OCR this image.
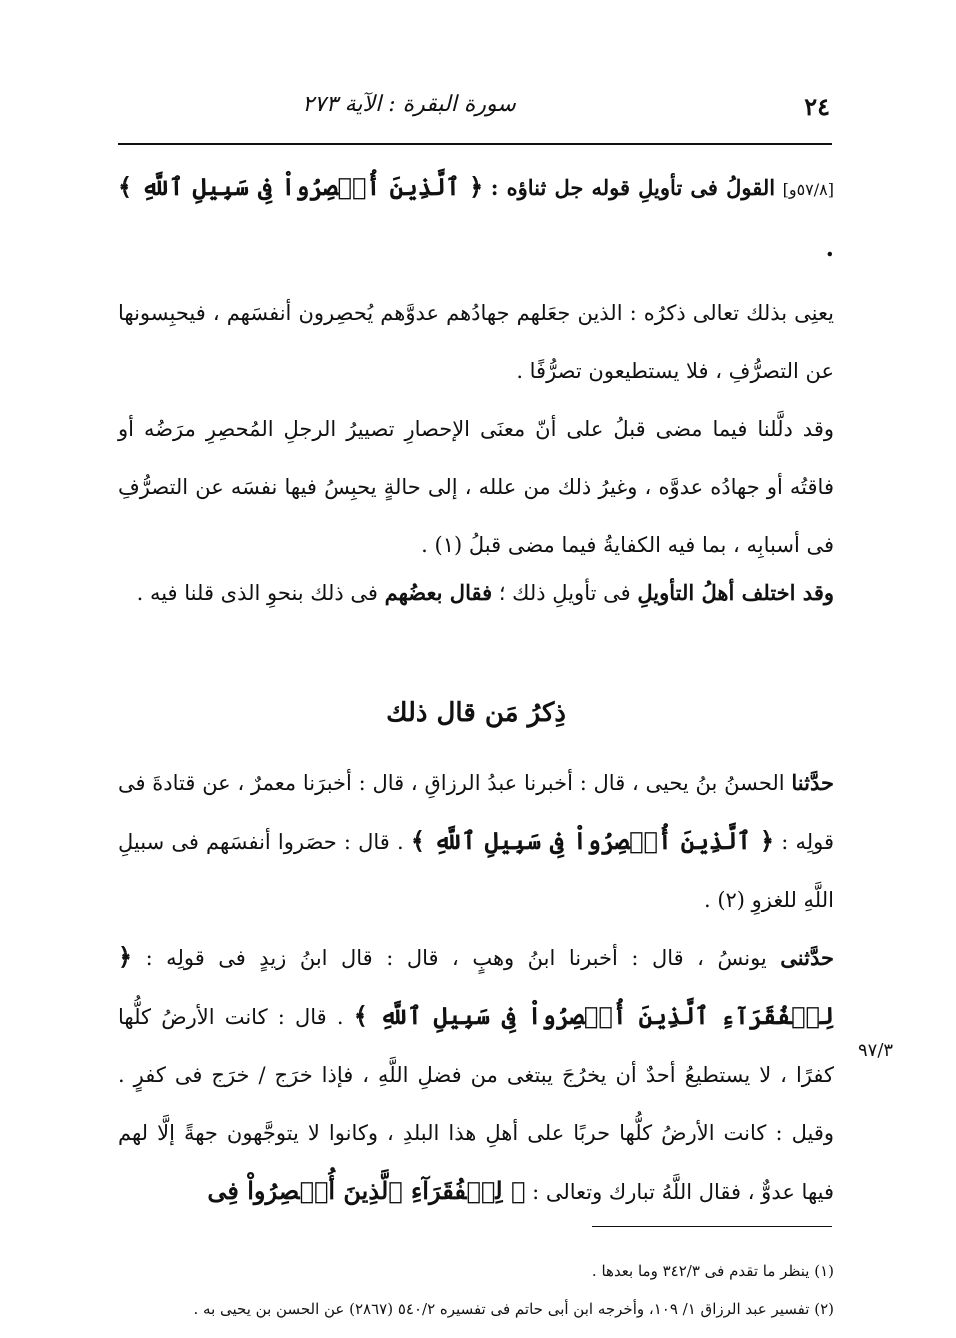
سورة البقرة : الآية ٢٧٣	٢٤

[٥٧/٨و] القولُ فى تأويلِ قوله جل ثناؤه : ﴿ ٱلَّذِينَ أُحۡصِرُواْ فِى سَبِيلِ ٱللَّهِ ﴾ .

يعنِى بذلك تعالى ذكرُه : الذين جعَلهم جهادُهم عدوَّهم يُحصِرون أنفسَهم ، فيحبِسونها عن التصرُّفِ ، فلا يستطيعون تصرُّفًا .

وقد دلَّلنا فيما مضى قبلُ على أنّ معنَى الإحصارِ تصييرُ الرجلِ المُحصِرِ مرَضُه أو فاقتُه أو جهادُه عدوَّه ، وغيرُ ذلك من علله ، إلى حالةٍ يحبِسُ فيها نفسَه عن التصرُّفِ فى أسبابِه ، بما فيه الكفايةُ فيما مضى قبلُ (١) .

وقد اختلف أهلُ التأويلِ فى تأويلِ ذلك ؛ فقال بعضُهم فى ذلك بنحوِ الذى قلنا فيه .

ذِكرُ مَن قال ذلك

حدَّثنا الحسنُ بنُ يحيى ، قال : أخبرنا عبدُ الرزاقِ ، قال : أخبرَنا معمرٌ ، عن قتادةَ فى قولِه : ﴿ ٱلَّذِينَ أُحۡصِرُواْ فِى سَبِيلِ ٱللَّهِ ﴾ . قال : حصَروا أنفسَهم فى سبيلِ اللَّهِ للغزوِ (٢) .

حدَّثنى يونسُ ، قال : أخبرنا ابنُ وهبٍ ، قال : قال ابنُ زيدٍ فى قولِه : ﴿ لِلۡفُقَرَآءِ ٱلَّذِينَ أُحۡصِرُواْ فِى سَبِيلِ ٱللَّهِ ﴾ . قال : كانت الأرضُ كلُّها كفرًا ، لا يستطيعُ أحدٌ أن يخرُجَ يبتغى من فضلِ اللَّهِ ، فإذا خرَج / خرَج فى كفرٍ . وقيل : كانت الأرضُ كلُّها حربًا على أهلِ هذا البلدِ ، وكانوا لا يتوجَّهون جهةً إلَّا لهم فيها عدوٌّ ، فقال اللَّهُ تبارك وتعالى : ﴿ لِلۡفُقَرَآءِ ٱلَّذِينَ أُحۡصِرُواْ فِى

٩٧/٣

(١) ينظر ما تقدم فى ٣٤٢/٣ وما بعدها .

(٢) تفسير عبد الرزاق ١/ ١٠٩، وأخرجه ابن أبى حاتم فى تفسيره ٥٤٠/٢ (٢٨٦٧) عن الحسن بن يحيى به .
